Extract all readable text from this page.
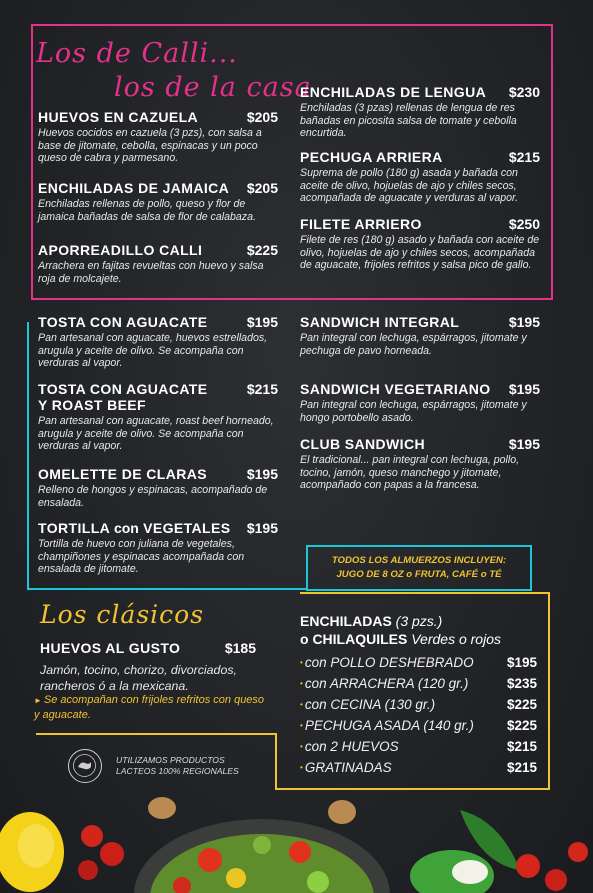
Los de Calli...
los de la casa
HUEVOS EN CAZUELA	$205
Huevos cocidos en cazuela (3 pzs), con salsa a base de jitomate, cebolla, espinacas y un poco queso de cabra y parmesano.
ENCHILADAS DE JAMAICA $205
Enchiladas rellenas de pollo, queso y flor de jamaica bañadas de salsa de flor de calabaza.
APORREADILLO CALLI	$225
Arrachera en fajitas revueltas con huevo y salsa roja de molcajete.
ENCHILADAS DE LENGUA $230
Enchiladas (3 pzas) rellenas de lengua de res bañadas en picosita salsa de tomate y cebolla encurtida.
PECHUGA ARRIERA	$215
Suprema de pollo (180 g) asada y bañada con aceite de olivo, hojuelas de ajo y chiles secos, acompañada de aguacate y verduras al vapor.
FILETE ARRIERO	$250
Filete de res (180 g) asado y bañada con aceite de olivo, hojuelas de ajo y chiles secos, acompañada de aguacate, frijoles refritos y salsa pico de gallo.
TOSTA CON AGUACATE	$195
Pan artesanal con aguacate, huevos estrellados, arugula y aceite de olivo. Se acompaña con verduras al vapor.
TOSTA CON AGUACATE	$215
Y ROAST BEEF
Pan artesanal con aguacate, roast beef horneado, arugula y aceite de olivo. Se acompaña con verduras al vapor.
OMELETTE DE CLARAS	$195
Relleno de hongos y espinacas, acompañado de ensalada.
TORTILLA con VEGETALES $195
Tortilla de huevo con juliana de vegetales, champiñones y espinacas acompañada con ensalada de jitomate.
SANDWICH INTEGRAL	$195
Pan integral con lechuga, espárragos, jitomate y pechuga de pavo horneada.
SANDWICH VEGETARIANO $195
Pan integral con lechuga, espárragos, jitomate y hongo portobello asado.
CLUB SANDWICH	$195
El tradicional... pan integral con lechuga, pollo, tocino, jamón, queso manchego y jitomate, acompañado con papas a la francesa.
TODOS LOS ALMUERZOS INCLUYEN:
JUGO DE 8 OZ o FRUTA, CAFÉ o TÉ
Los clásicos
HUEVOS AL GUSTO	$185
Jamón, tocino, chorizo, divorciados, rancheros ó a la mexicana.
► Se acompañan con frijoles refritos con queso y aguacate.
ENCHILADAS (3 pzs.)
o CHILAQUILES Verdes o rojos
• con POLLO DESHEBRADO $195
• con ARRACHERA (120 gr.)	$235
• con CECINA (130 gr.)	$225
• PECHUGA ASADA (140 gr.) $225
• con 2 HUEVOS	$215
• GRATINADAS	$215
UTILIZAMOS PRODUCTOS
LACTEOS 100% REGIONALES
